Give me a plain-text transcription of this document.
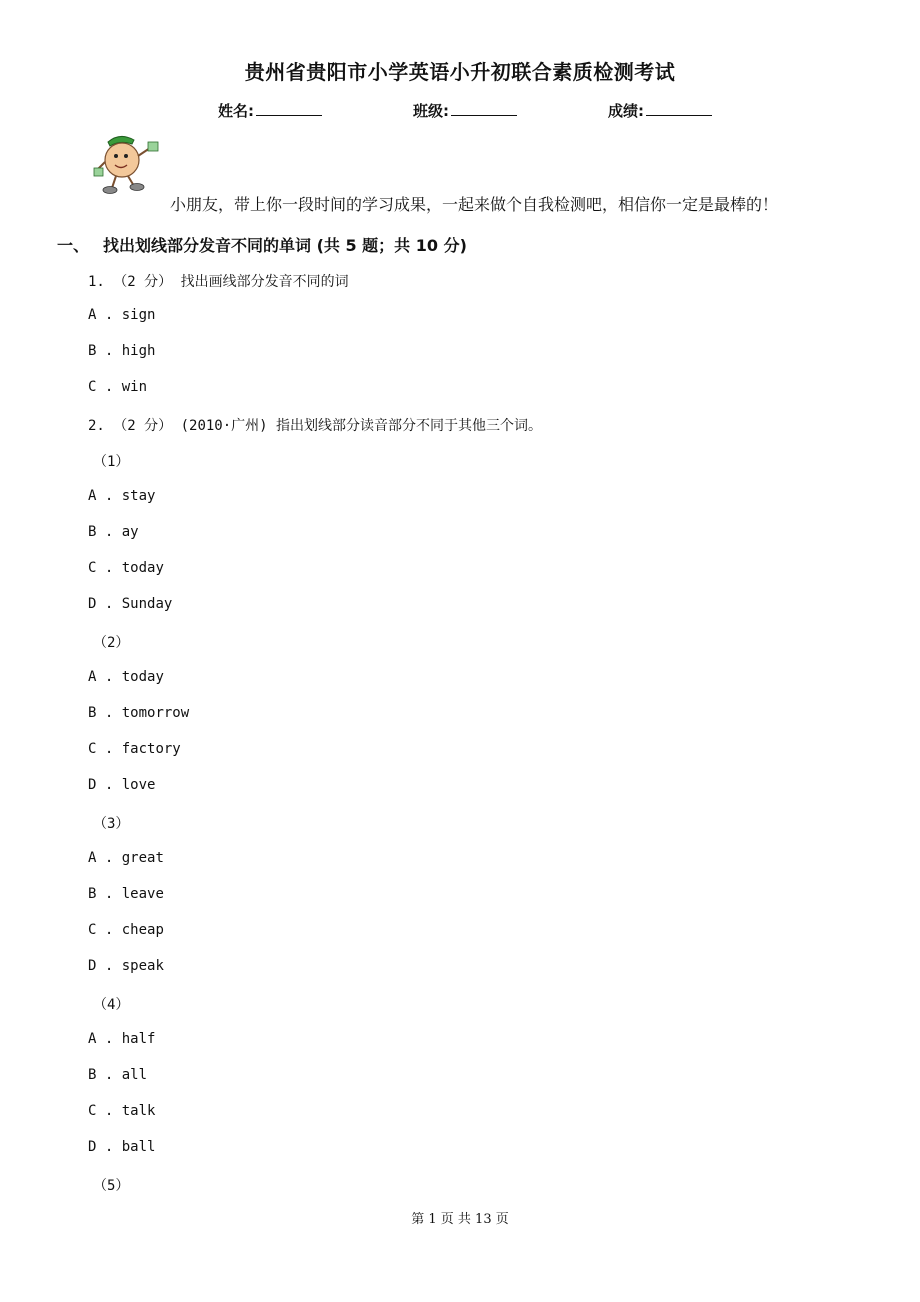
贵州省贵阳市小学英语小升初联合素质检测考试
姓名:	班级:	成绩:
小朋友，带上你一段时间的学习成果，一起来做个自我检测吧，相信你一定是最棒的！
一、 找出划线部分发音不同的单词 (共 5 题；共 10 分)
1. （2 分） 找出画线部分发音不同的词
A . sign
B . high
C . win
2. （2 分） (2010·广州) 指出划线部分读音部分不同于其他三个词。
（1）
A . stay
B . ay
C . today
D . Sunday
（2）
A . today
B . tomorrow
C . factory
D . love
（3）
A . great
B . leave
C . cheap
D . speak
（4）
A . half
B . all
C . talk
D . ball
（5）
第 1 页 共 13 页
